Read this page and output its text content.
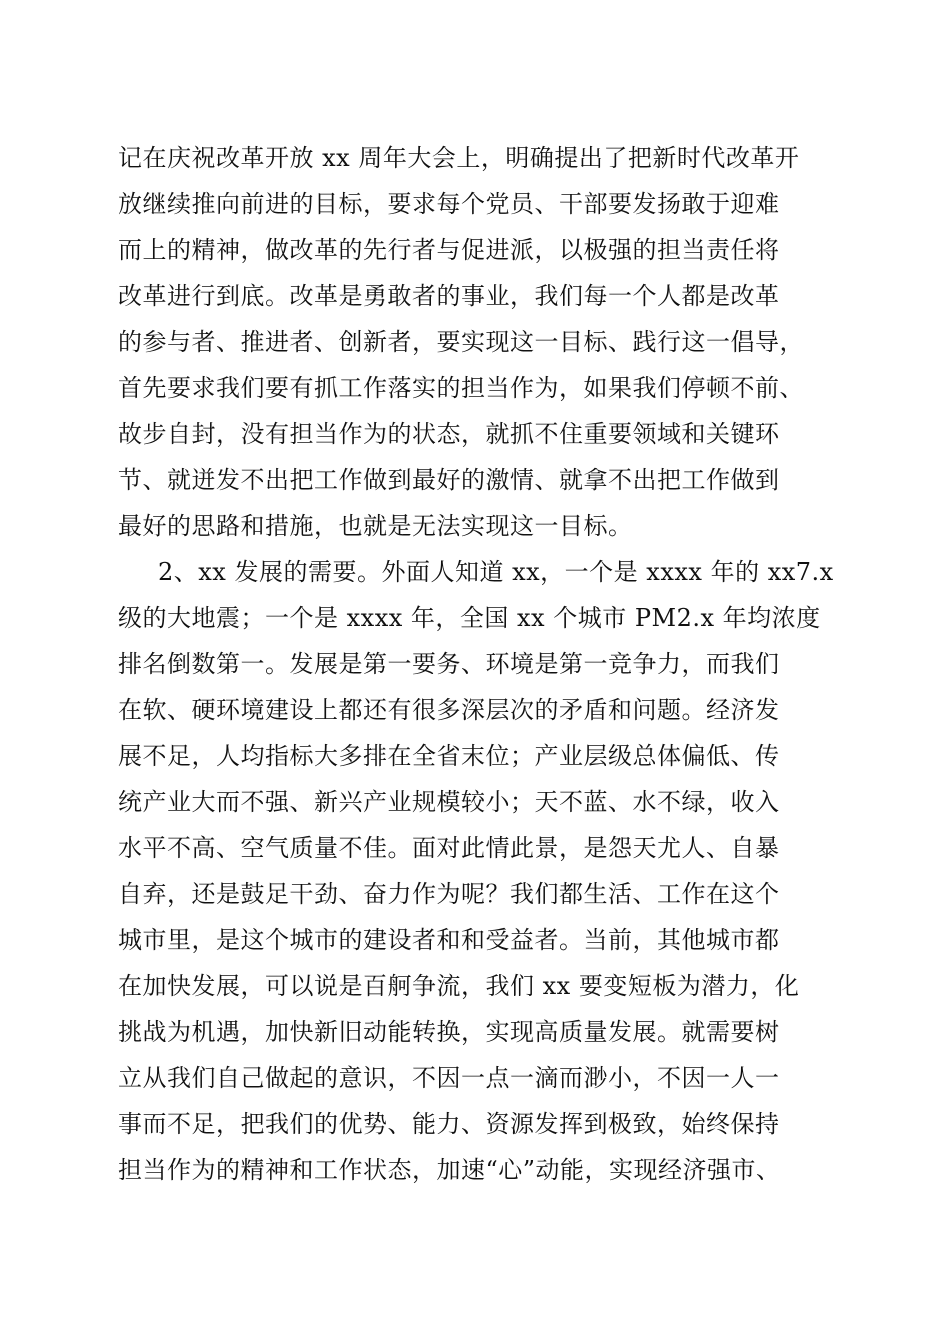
记在庆祝改革开放 xx 周年大会上，明确提出了把新时代改革开
放继续推向前进的目标，要求每个党员、干部要发扬敢于迎难
而上的精神，做改革的先行者与促进派，以极强的担当责任将
改革进行到底。改革是勇敢者的事业，我们每一个人都是改革
的参与者、推进者、创新者，要实现这一目标、践行这一倡导，
首先要求我们要有抓工作落实的担当作为，如果我们停顿不前、
故步自封，没有担当作为的状态，就抓不住重要领域和关键环
节、就迸发不出把工作做到最好的激情、就拿不出把工作做到
最好的思路和措施，也就是无法实现这一目标。
2、xx 发展的需要。外面人知道 xx，一个是 xxxx 年的 xx7.x
级的大地震；一个是 xxxx 年，全国 xx 个城市 PM2.x 年均浓度
排名倒数第一。发展是第一要务、环境是第一竞争力，而我们
在软、硬环境建设上都还有很多深层次的矛盾和问题。经济发
展不足，人均指标大多排在全省末位；产业层级总体偏低、传
统产业大而不强、新兴产业规模较小；天不蓝、水不绿，收入
水平不高、空气质量不佳。面对此情此景，是怨天尤人、自暴
自弃，还是鼓足干劲、奋力作为呢？我们都生活、工作在这个
城市里，是这个城市的建设者和和受益者。当前，其他城市都
在加快发展，可以说是百舸争流，我们 xx 要变短板为潜力，化
挑战为机遇，加快新旧动能转换，实现高质量发展。就需要树
立从我们自己做起的意识，不因一点一滴而渺小，不因一人一
事而不足，把我们的优势、能力、资源发挥到极致，始终保持
担当作为的精神和工作状态，加速“心”动能，实现经济强市、
